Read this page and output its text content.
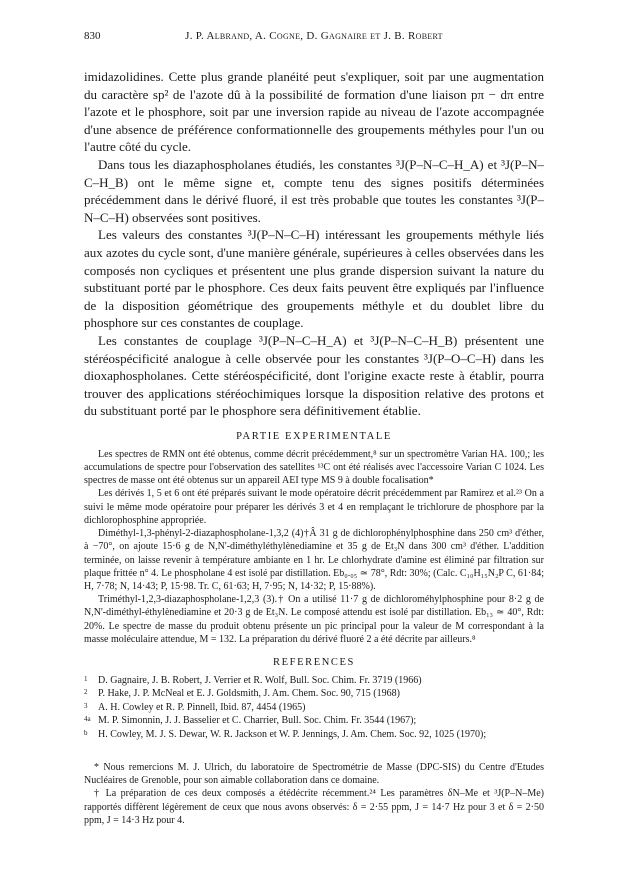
830	J. P. Albrand, A. Cogne, D. Gagnaire et J. B. Robert

imidazolidines. Cette plus grande planéité peut s'expliquer, soit par une augmentation du caractère sp² de l'azote dû à la possibilité de formation d'une liaison pπ − dπ entre l'azote et le phosphore, soit par une inversion rapide au niveau de l'azote accompagnée d'une absence de préférence conformationnelle des groupements méthyles pour l'un ou l'autre côté du cycle.

Dans tous les diazaphospholanes étudiés, les constantes ³J(P–N–C–H_A) et ³J(P–N–C–H_B) ont le même signe et, compte tenu des signes positifs déterminées précédemment dans le dérivé fluoré, il est très probable que toutes les constantes ³J(P–N–C–H) observées sont positives.

Les valeurs des constantes ³J(P–N–C–H) intéressant les groupements méthyle liés aux azotes du cycle sont, d'une manière générale, supérieures à celles observées dans les composés non cycliques et présentent une plus grande dispersion suivant la nature du substituant porté par le phosphore. Ces deux faits peuvent être expliqués par l'influence de la disposition géométrique des groupements méthyle et du doublet libre du phosphore sur ces constantes de couplage.

Les constantes de couplage ³J(P–N–C–H_A) et ³J(P–N–C–H_B) présentent une stéréospécificité analogue à celle observée pour les constantes ³J(P–O–C–H) dans les dioxaphospholanes. Cette stéréospécificité, dont l'origine exacte reste à établir, pourra trouver des applications stéréochimiques lorsque la disposition relative des protons et du substituant porté par le phosphore sera définitivement établie.

PARTIE EXPERIMENTALE

Les spectres de RMN ont été obtenus, comme décrit précédemment,⁸ sur un spectromètre Varian HA. 100,; les accumulations de spectre pour l'observation des satellites ¹³C ont été réalisés avec l'accessoire Varian C 1024. Les spectres de masse ont été obtenus sur un appareil AEI type MS 9 à double focalisation*

Les dérivés 1, 5 et 6 ont été préparés suivant le mode opératoire décrit précédemment par Ramirez et al.²³ On a suivi le même mode opératoire pour préparer les dérivés 3 et 4 en remplaçant le trichlorure de phosphore par la dichlorophosphine appropriée.

Diméthyl-1,3-phényl-2-diazaphospholane-1,3,2 (4)†Â 31 g de dichlorophénylphosphine dans 250 cm³ d'éther, à −70°, on ajoute 15·6 g de N,N'-diméthyléthylènediamine et 35 g de Et₃N dans 300 cm³ d'éther. L'addition terminée, on laisse revenir à température ambiante en 1 hr. Le chlorhydrate d'amine est éliminé par filtration sur plaque frittée n° 4. Le phospholane 4 est isolé par distillation. Eb₀.₀₅ ≃ 78°, Rdt: 30%; (Calc. C₁₀H₁₅N₂P C, 61·84; H, 7·78; N, 14·43; P, 15·98. Tr. C, 61·63; H, 7·95; N, 14·32; P, 15·88%).

Triméthyl-1,2,3-diazaphospholane-1,2,3 (3).† On a utilisé 11·7 g de dichloroméhylphosphine pour 8·2 g de N,N'-diméthyl-éthylènediamine et 20·3 g de Et₃N. Le composé attendu est isolé par distillation. Eb₁₃ ≃ 40°, Rdt: 20%. Le spectre de masse du produit obtenu présente un pic principal pour la valeur de M correspondant à la masse moléculaire attendue, M = 132. La préparation du dérivé fluoré 2 a été décrite par ailleurs.⁸

REFERENCES
1	D. Gagnaire, J. B. Robert, J. Verrier et R. Wolf, Bull. Soc. Chim. Fr. 3719 (1966)
2	P. Hake, J. P. McNeal et E. J. Goldsmith, J. Am. Chem. Soc. 90, 715 (1968)
3	A. H. Cowley et R. P. Pinnell, Ibid. 87, 4454 (1965)
4a M. P. Simonnin, J. J. Basselier et C. Charrier, Bull. Soc. Chim. Fr. 3544 (1967);
b	H. Cowley, M. J. S. Dewar, W. R. Jackson et W. P. Jennings, J. Am. Chem. Soc. 92, 1025 (1970);

* Nous remercions M. J. Ulrich, du laboratoire de Spectrométrie de Masse (DPC-SIS) du Centre d'Etudes Nucléaires de Grenoble, pour son aimable collaboration dans ce domaine.

† La préparation de ces deux composés a étédécrite récemment.²⁴ Les paramètres δN–Me et ³J(P–N–Me) rapportés diffèrent légèrement de ceux que nous avons observés: δ = 2·55 ppm, J = 14·7 Hz pour 3 et δ = 2·50 ppm, J = 14·3 Hz pour 4.
